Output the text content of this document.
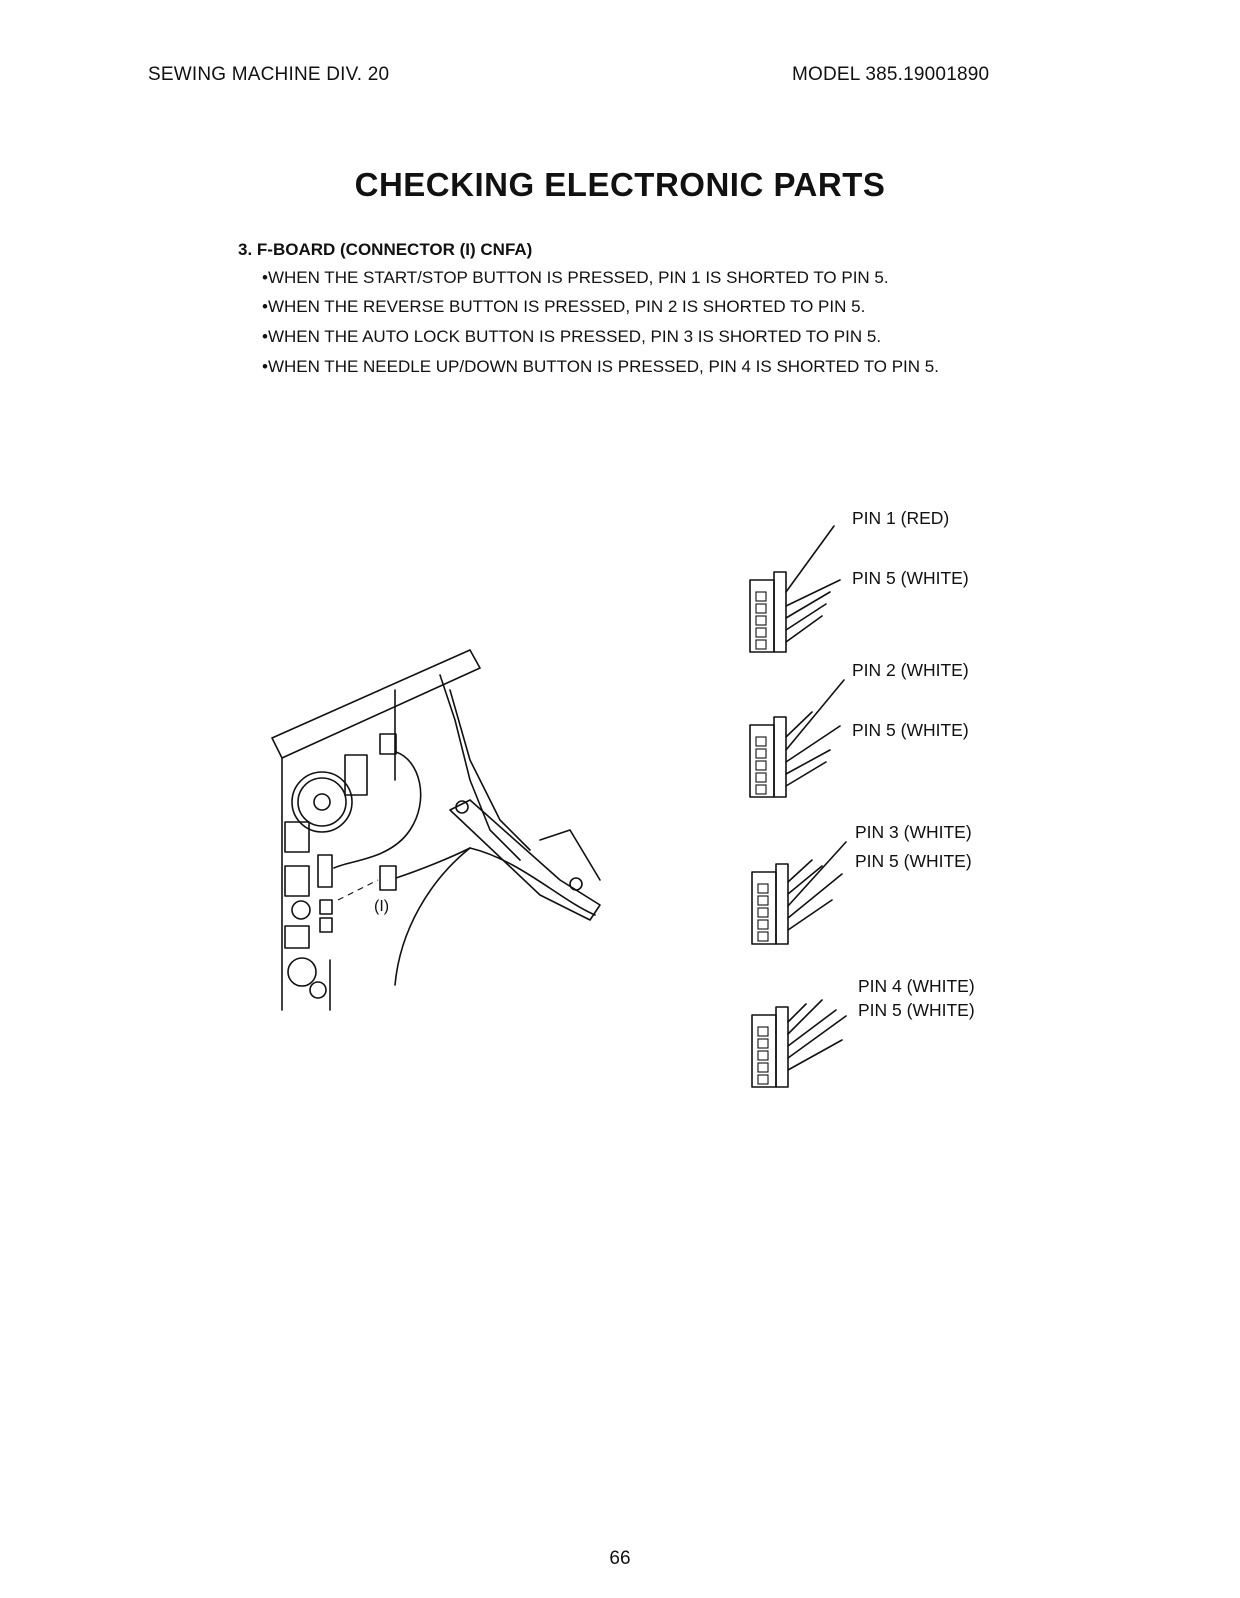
SEWING MACHINE DIV. 20	MODEL 385.19001890
CHECKING ELECTRONIC PARTS
3. F-BOARD (CONNECTOR (I) CNFA)
•WHEN THE START/STOP BUTTON IS PRESSED, PIN 1 IS SHORTED TO PIN 5.
•WHEN THE REVERSE BUTTON IS PRESSED, PIN 2 IS SHORTED TO PIN 5.
•WHEN THE AUTO LOCK BUTTON IS PRESSED, PIN 3 IS SHORTED TO PIN 5.
•WHEN THE NEEDLE UP/DOWN BUTTON IS PRESSED, PIN 4 IS SHORTED TO PIN 5.
(I)
PIN 1 (RED)
PIN 5 (WHITE)
PIN 2 (WHITE)
PIN 5 (WHITE)
PIN 3 (WHITE)
PIN 5 (WHITE)
PIN 4 (WHITE)
PIN 5 (WHITE)
66
